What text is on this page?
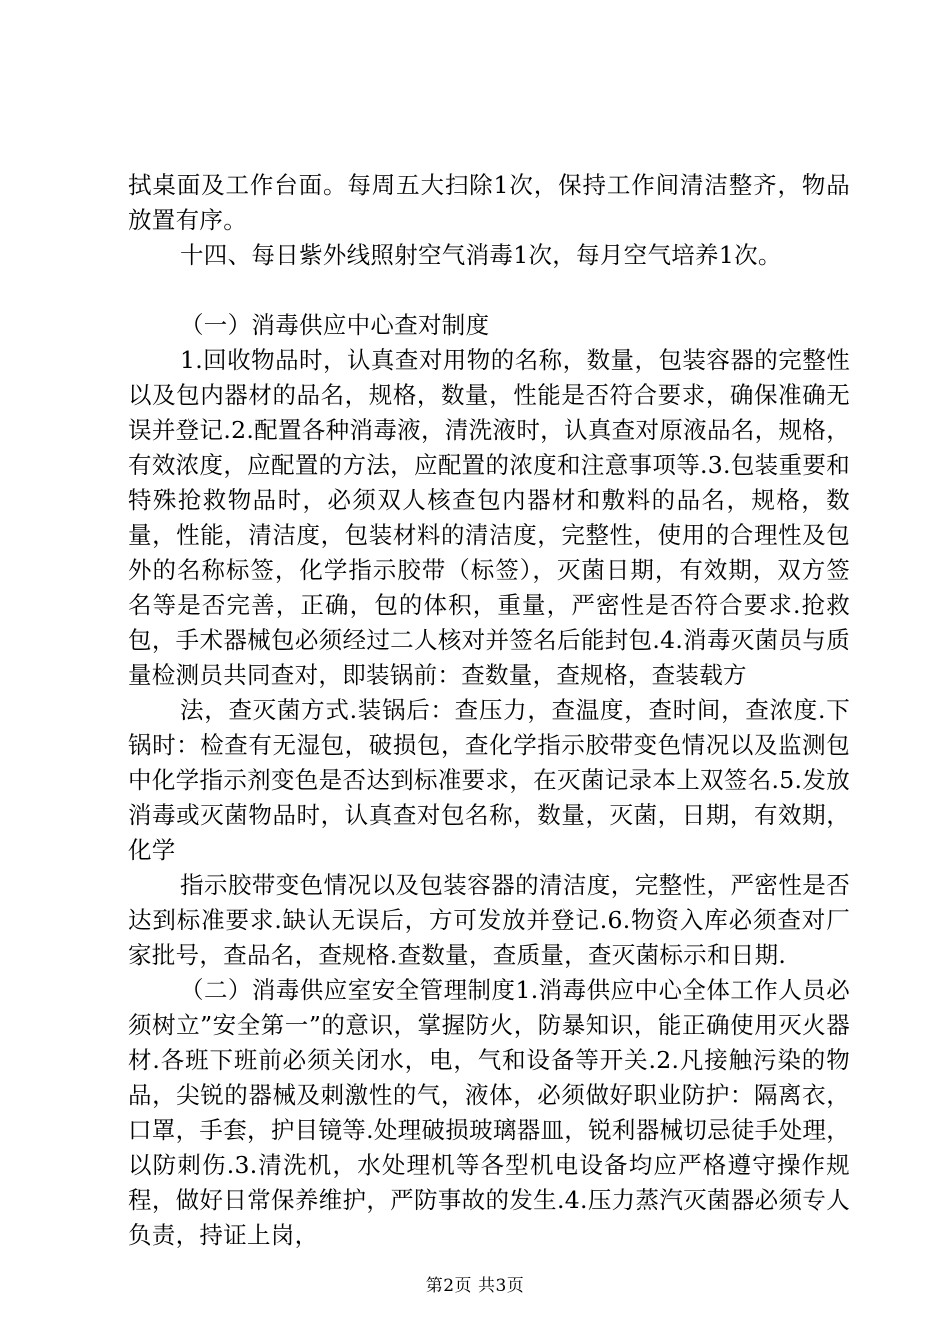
拭桌面及工作台面。每周五大扫除1次，保持工作间清洁整齐，物品放置有序。

十四、每日紫外线照射空气消毒1次，每月空气培养1次。

（一）消毒供应中心查对制度

1.回收物品时，认真查对用物的名称，数量，包装容器的完整性以及包内器材的品名，规格，数量，性能是否符合要求，确保准确无误并登记.2.配置各种消毒液，清洗液时，认真查对原液品名，规格，有效浓度，应配置的方法，应配置的浓度和注意事项等.3.包装重要和特殊抢救物品时，必须双人核查包内器材和敷料的品名，规格，数量，性能，清洁度，包装材料的清洁度，完整性，使用的合理性及包外的名称标签，化学指示胶带（标签），灭菌日期，有效期，双方签名等是否完善，正确，包的体积，重量，严密性是否符合要求.抢救包，手术器械包必须经过二人核对并签名后能封包.4.消毒灭菌员与质量检测员共同查对，即装锅前：查数量，查规格，查装载方

法，查灭菌方式.装锅后：查压力，查温度，查时间，查浓度.下锅时：检查有无湿包，破损包，查化学指示胶带变色情况以及监测包中化学指示剂变色是否达到标准要求，在灭菌记录本上双签名.5.发放消毒或灭菌物品时，认真查对包名称，数量，灭菌，日期，有效期，化学

指示胶带变色情况以及包装容器的清洁度，完整性，严密性是否达到标准要求.缺认无误后，方可发放并登记.6.物资入库必须查对厂家批号，查品名，查规格.查数量，查质量，查灭菌标示和日期.

（二）消毒供应室安全管理制度1.消毒供应中心全体工作人员必须树立”安全第一”的意识，掌握防火，防暴知识，能正确使用灭火器材.各班下班前必须关闭水，电，气和设备等开关.2.凡接触污染的物品，尖锐的器械及刺激性的气，液体，必须做好职业防护：隔离衣，口罩，手套，护目镜等.处理破损玻璃器皿，锐利器械切忌徒手处理，以防刺伤.3.清洗机，水处理机等各型机电设备均应严格遵守操作规程，做好日常保养维护，严防事故的发生.4.压力蒸汽灭菌器必须专人负责，持证上岗，

第2页 共3页
